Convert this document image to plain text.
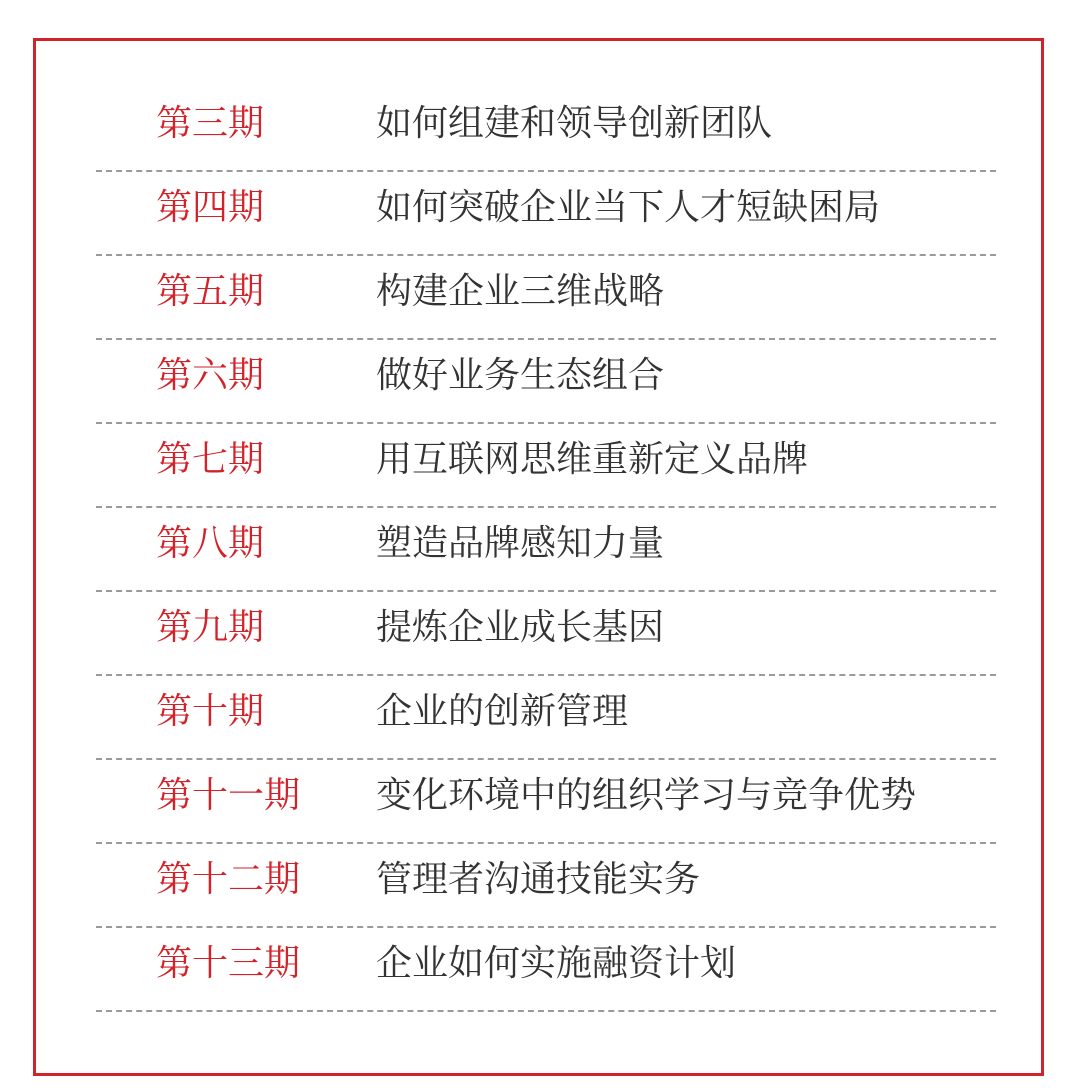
第三期	如何组建和领导创新团队
第四期	如何突破企业当下人才短缺困局
第五期	构建企业三维战略
第六期	做好业务生态组合
第七期	用互联网思维重新定义品牌
第八期	塑造品牌感知力量
第九期	提炼企业成长基因
第十期	企业的创新管理
第十一期 变化环境中的组织学习与竞争优势
第十二期 管理者沟通技能实务
第十三期 企业如何实施融资计划
